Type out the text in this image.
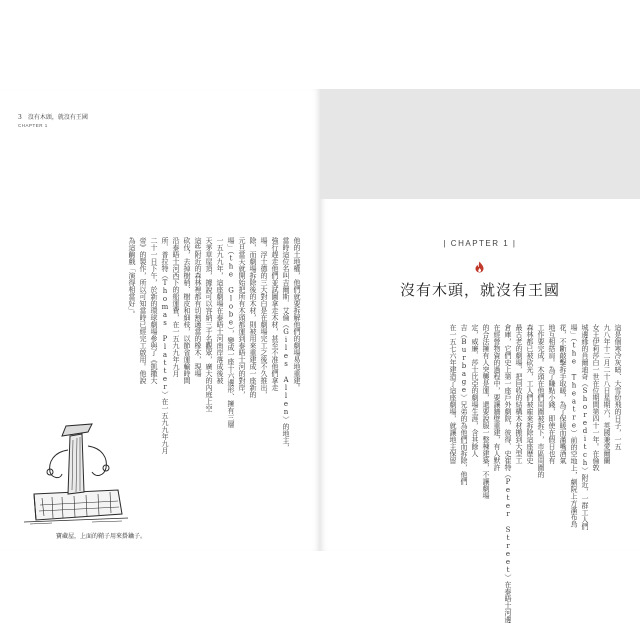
3 沒有木頭，就沒有王國
CHAPTER 1
他的土地權，他們就要拆解他們的劇場易地重建。
當時這位名叫吉爾斯．艾倫（Giles Allen）的地主，
強行趕走他們並試圖拿走木材，甚至不准他們拿走
場，浮士德的三大對白是在劇場完工之後不久推出，
除，而劇場拆除後的木材，則被用來重建成一座新的
元旦當天就開始把所有木頭都運到泰晤士河的對岸，
場」（the Globe），變成一座十六邊形、擁有三層
一五九九年，這座劇場在泰晤士河南岸落成後被
天茅草屋頂，據說可以容納三千名觀眾，廣大的內庭上空
這些附近的森林裡都有切割適當的橡木，現場
砍伐，去掉樹梢、樹皮和細枝，以節省運輸時間
沿泰晤士河西下的船運費，在一五九九年九月
所．普拉特（Thomas Platter）在一五九九年九月
二十一日下午，於新的環球劇場參與了《凱撒大
帝》的製作，所以可知當時已經完工啟用。他說
為這齣戲「演得相當好」。
寶藏屋，上面的鞘子用來掛鑰子。
| CHAPTER 1 |
沒有木頭，就沒有王國
這是個寒冷灰暗、大雪紛飛的日子，一五
九八年十二月二十八日星期六，英國兼愛爾蘭
女王伊莉莎白一世在位期間第四十一年。在倫敦
城邊緣的肖爾迪奇（Shoreditch）附近，一群工人們
場」（the Theatre）前的空地上，劇院上方滿布烏
花，不斷敲擊拆手取暖，為了保暖而滿嘴酒氣
地互相搭肩。為了賺點小錢，即使在假日也有
工作要完成。木頭在他們周圍被拆下，市區周圍的
森林都已被砍光，工人們被雇來拆除這座歷史
最古老的劇場，把回收的結構木材搬到大型工
倉庫，它們史上第一座戶外劇院，彼得．史崔特（Peter Street）在泰晤士河邊
在經營物資的過程中，要讓牆壁重建，有人默許
的合法擁有人突襲是運，還要說服一整棟建築，不讓劇場
定，威廉．莎士比亞的劇場生涯，含其餘人
吉（Burbage）兄弟的為他們而拆除，他們
在一五七六年建造了這座劇場，就讓地主保留
